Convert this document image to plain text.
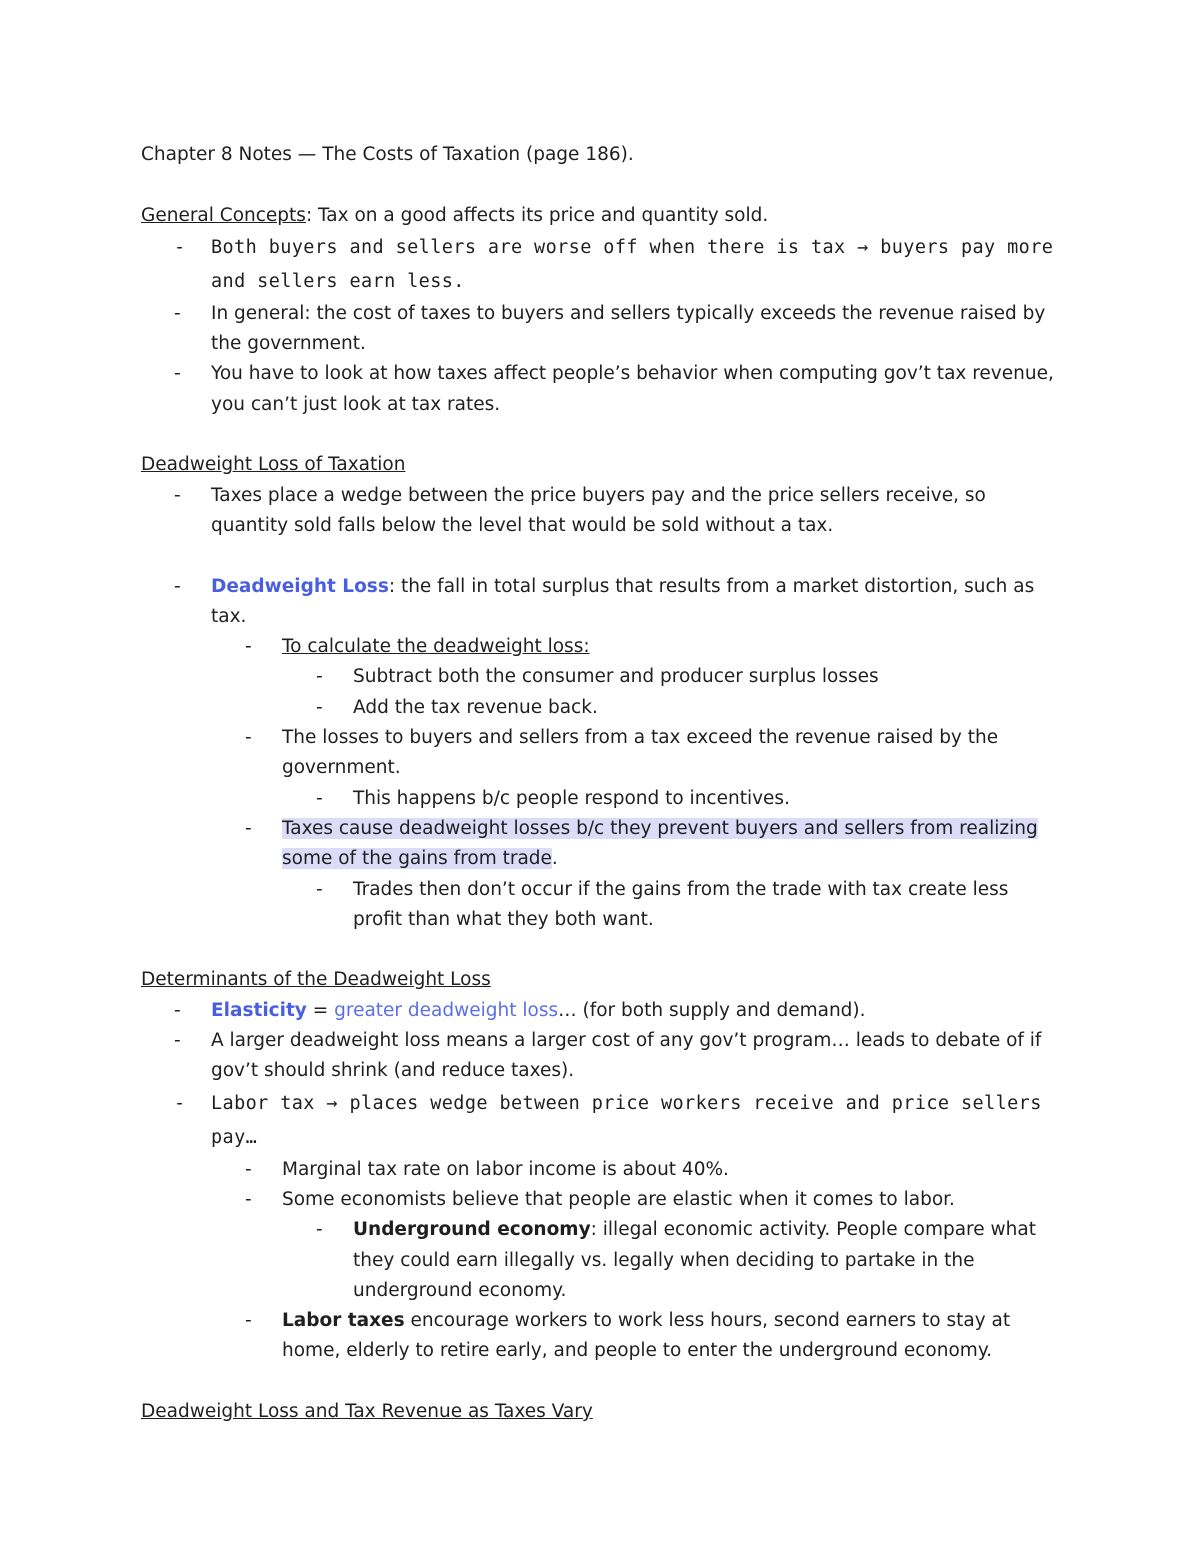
Chapter 8 Notes — The Costs of Taxation (page 186).
General Concepts: Tax on a good affects its price and quantity sold.
- Both buyers and sellers are worse off when there is tax → buyers pay more and sellers earn less.
-	In general: the cost of taxes to buyers and sellers typically exceeds the revenue raised by the government.
-	You have to look at how taxes affect people’s behavior when computing gov’t tax revenue, you can’t just look at tax rates.
Deadweight Loss of Taxation
-	Taxes place a wedge between the price buyers pay and the price sellers receive, so quantity sold falls below the level that would be sold without a tax.
-	Deadweight Loss: the fall in total surplus that results from a market distortion, such as tax.
-	To calculate the deadweight loss:
-	Subtract both the consumer and producer surplus losses
-	Add the tax revenue back.
-	The losses to buyers and sellers from a tax exceed the revenue raised by the government.
-	This happens b/c people respond to incentives.
-	Taxes cause deadweight losses b/c they prevent buyers and sellers from realizing some of the gains from trade.
-	Trades then don’t occur if the gains from the trade with tax create less profit than what they both want.
Determinants of the Deadweight Loss
-	Elasticity = greater deadweight loss… (for both supply and demand).
-	A larger deadweight loss means a larger cost of any gov’t program… leads to debate of if gov’t should shrink (and reduce taxes).
- Labor tax → places wedge between price workers receive and price sellers pay…
-	Marginal tax rate on labor income is about 40%.
-	Some economists believe that people are elastic when it comes to labor.
-	Underground economy: illegal economic activity. People compare what they could earn illegally vs. legally when deciding to partake in the underground economy.
-	Labor taxes encourage workers to work less hours, second earners to stay at home, elderly to retire early, and people to enter the underground economy.
Deadweight Loss and Tax Revenue as Taxes Vary
